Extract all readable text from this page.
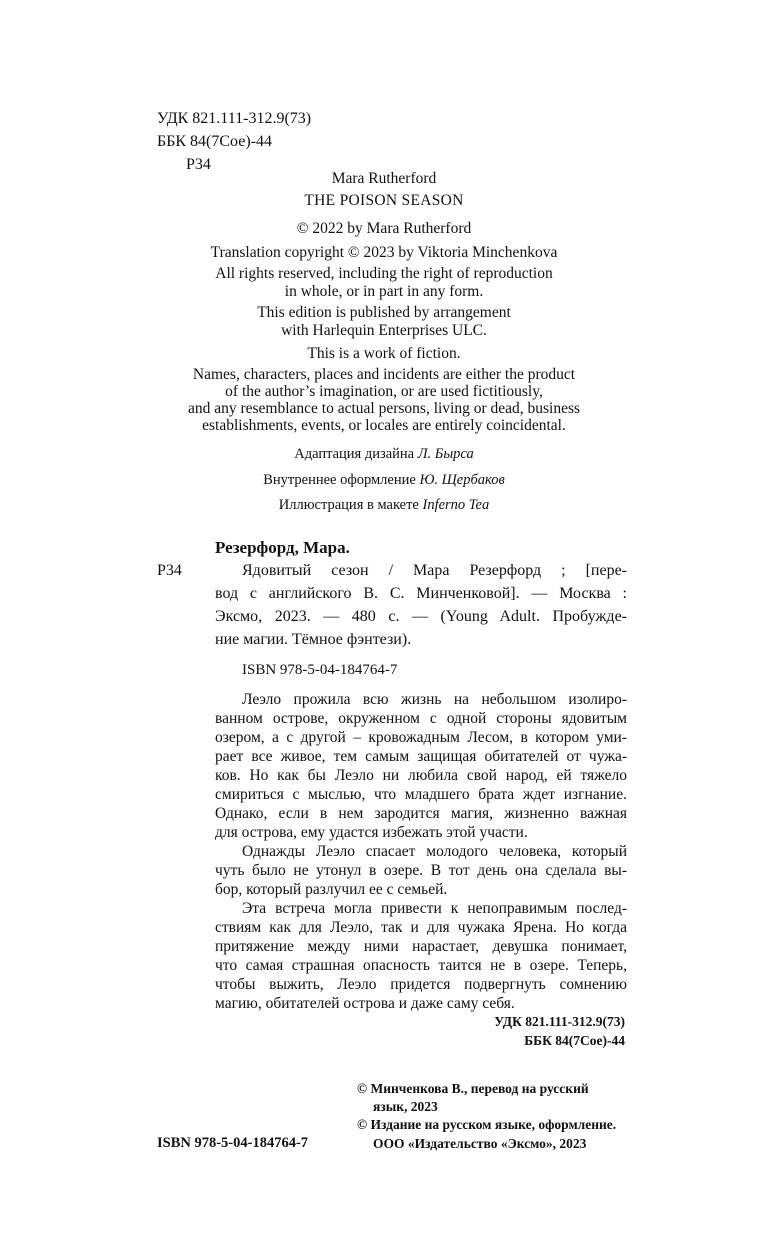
УДК 821.111-312.9(73)
ББК 84(7Сое)-44
Р34
Mara Rutherford
THE POISON SEASON
© 2022 by Mara Rutherford
Translation copyright © 2023 by Viktoria Minchenkova
All rights reserved, including the right of reproduction
in whole, or in part in any form.
This edition is published by arrangement
with Harlequin Enterprises ULC.
This is a work of fiction.
Names, characters, places and incidents are either the product
of the author’s imagination, or are used fictitiously,
and any resemblance to actual persons, living or dead, business
establishments, events, or locales are entirely coincidental.
Адаптация дизайна Л. Бырса
Внутреннее оформление Ю. Щербаков
Иллюстрация в макете Inferno Tea
Резерфорд, Мара.
Р34	Ядовитый сезон / Мара Резерфорд ; [пере-
вод с английского В. С. Минченковой]. — Москва :
Эксмо, 2023. — 480 с. — (Young Adult. Пробужде-
ние магии. Тёмное фэнтези).
ISBN 978-5-04-184764-7
Леэло прожила всю жизнь на небольшом изолиро-
ванном острове, окруженном с одной стороны ядовитым
озером, а с другой – кровожадным Лесом, в котором уми-
рает все живое, тем самым защищая обитателей от чужа-
ков. Но как бы Леэло ни любила свой народ, ей тяжело
смириться с мыслью, что младшего брата ждет изгнание.
Однако, если в нем зародится магия, жизненно важная
для острова, ему удастся избежать этой участи.
Однажды Леэло спасает молодого человека, который
чуть было не утонул в озере. В тот день она сделала вы-
бор, который разлучил ее с семьей.
Эта встреча могла привести к непоправимым послед-
ствиям как для Леэло, так и для чужака Ярена. Но когда
притяжение между ними нарастает, девушка понимает,
что самая страшная опасность таится не в озере. Теперь,
чтобы выжить, Леэло придется подвергнуть сомнению
магию, обитателей острова и даже саму себя.
УДК 821.111-312.9(73)
ББК 84(7Сое)-44
© Минченкова В., перевод на русский
язык, 2023
© Издание на русском языке, оформление.
ООО «Издательство «Эксмо», 2023
ISBN 978-5-04-184764-7
